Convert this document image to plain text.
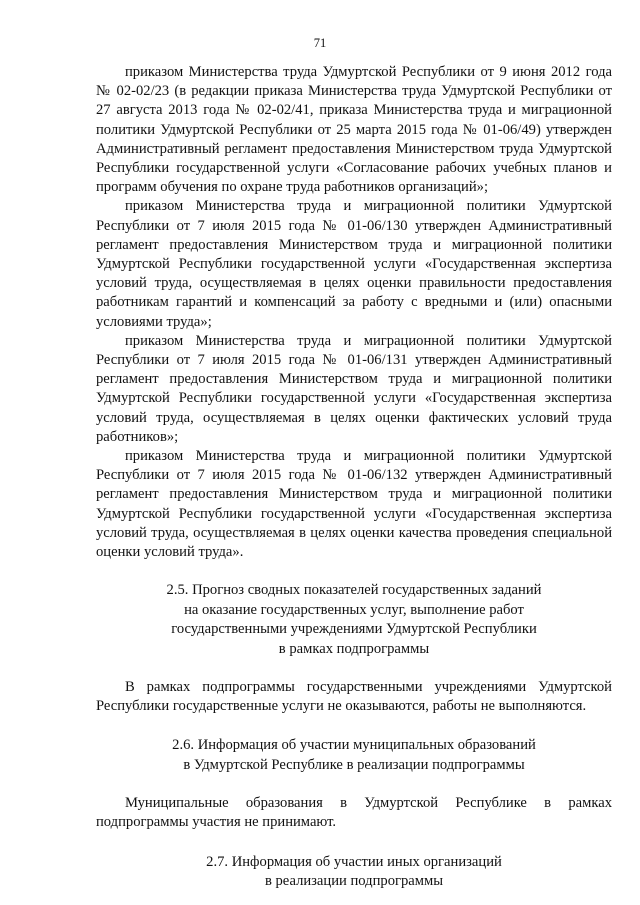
71

приказом Министерства труда Удмуртской Республики от 9 июня 2012 года № 02-02/23 (в редакции приказа Министерства труда Удмуртской Республики от 27 августа 2013 года № 02-02/41, приказа Министерства труда и миграционной политики Удмуртской Республики от 25 марта 2015 года № 01-06/49) утвержден Административный регламент предоставления Министерством труда Удмуртской Республики государственной услуги «Согласование рабочих учебных планов и программ обучения по охране труда работников организаций»;

приказом Министерства труда и миграционной политики Удмуртской Республики от 7 июля 2015 года № 01-06/130 утвержден Административный регламент предоставления Министерством труда и миграционной политики Удмуртской Республики государственной услуги «Государственная экспертиза условий труда, осуществляемая в целях оценки правильности предоставления работникам гарантий и компенсаций за работу с вредными и (или) опасными условиями труда»;

приказом Министерства труда и миграционной политики Удмуртской Республики от 7 июля 2015 года № 01-06/131 утвержден Административный регламент предоставления Министерством труда и миграционной политики Удмуртской Республики государственной услуги «Государственная экспертиза условий труда, осуществляемая в целях оценки фактических условий труда работников»;

приказом Министерства труда и миграционной политики Удмуртской Республики от 7 июля 2015 года № 01-06/132 утвержден Административный регламент предоставления Министерством труда и миграционной политики Удмуртской Республики государственной услуги «Государственная экспертиза условий труда, осуществляемая в целях оценки качества проведения специальной оценки условий труда».

2.5. Прогноз сводных показателей государственных заданий
на оказание государственных услуг, выполнение работ
государственными учреждениями Удмуртской Республики
в рамках подпрограммы

В рамках подпрограммы государственными учреждениями Удмуртской Республики государственные услуги не оказываются, работы не выполняются.

2.6. Информация об участии муниципальных образований
в Удмуртской Республике в реализации подпрограммы

Муниципальные образования в Удмуртской Республике в рамках подпрограммы участия не принимают.

2.7. Информация об участии иных организаций
в реализации подпрограммы
